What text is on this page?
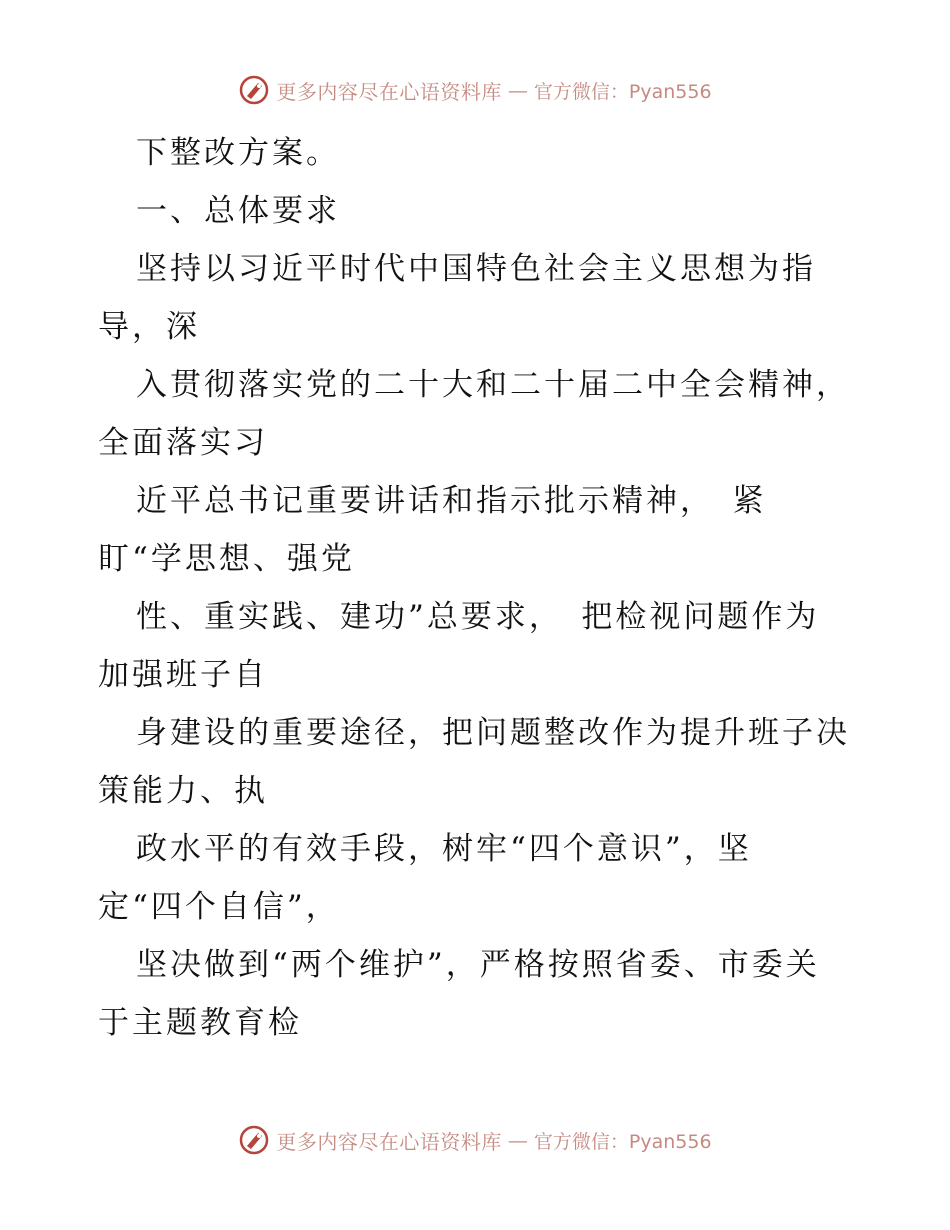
更多内容尽在心语资料库 — 官方微信：Pyan556
下整改方案。
一、总体要求
坚持以习近平时代中国特色社会主义思想为指
导，深
入贯彻落实党的二十大和二十届二中全会精神，
全面落实习
近平总书记重要讲话和指示批示精神，　紧
盯“学思想、强党
性、重实践、建功”总要求，　把检视问题作为
加强班子自
身建设的重要途径，把问题整改作为提升班子决
策能力、执
政水平的有效手段，树牢“四个意识”，坚
定“四个自信”，
坚决做到“两个维护”，严格按照省委、市委关
于主题教育检
更多内容尽在心语资料库 — 官方微信：Pyan556
